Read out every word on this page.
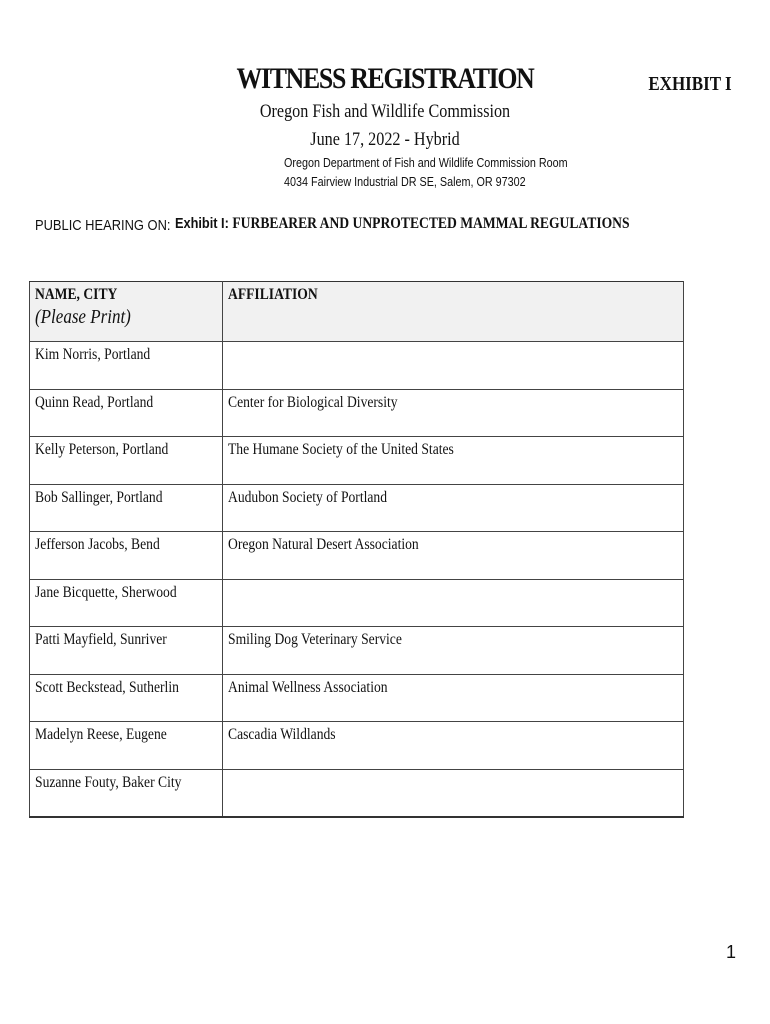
WITNESS REGISTRATION	EXHIBIT I
Oregon Fish and Wildlife Commission
June 17, 2022 - Hybrid
Oregon Department of Fish and Wildlife Commission Room
4034 Fairview Industrial DR SE, Salem, OR 97302
PUBLIC HEARING ON: Exhibit I: FURBEARER AND UNPROTECTED MAMMAL REGULATIONS
NAME, CITY
(Please Print)	AFFILIATION
Kim Norris, Portland	
Quinn Read, Portland	Center for Biological Diversity
Kelly Peterson, Portland	The Humane Society of the United States
Bob Sallinger, Portland	Audubon Society of Portland
Jefferson Jacobs, Bend	Oregon Natural Desert Association
Jane Bicquette, Sherwood	
Patti Mayfield, Sunriver	Smiling Dog Veterinary Service
Scott Beckstead, Sutherlin	Animal Wellness Association
Madelyn Reese, Eugene	Cascadia Wildlands
Suzanne Fouty, Baker City	
1
